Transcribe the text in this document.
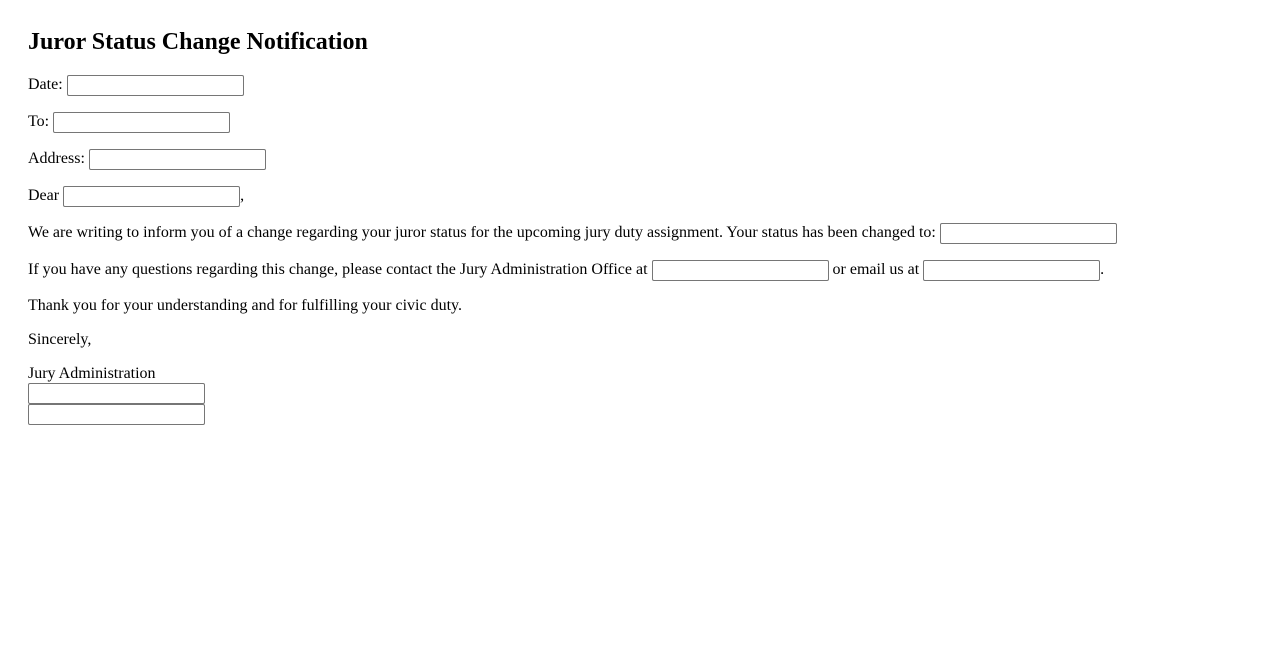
Juror Status Change Notification
Date:
To:
Address:
Dear	,
We are writing to inform you of a change regarding your juror status for the upcoming jury duty assignment. Your status has been changed to:
If you have any questions regarding this change, please contact the Jury Administration Office at	or email us at	.
Thank you for your understanding and for fulfilling your civic duty.
Sincerely,
Jury Administration
